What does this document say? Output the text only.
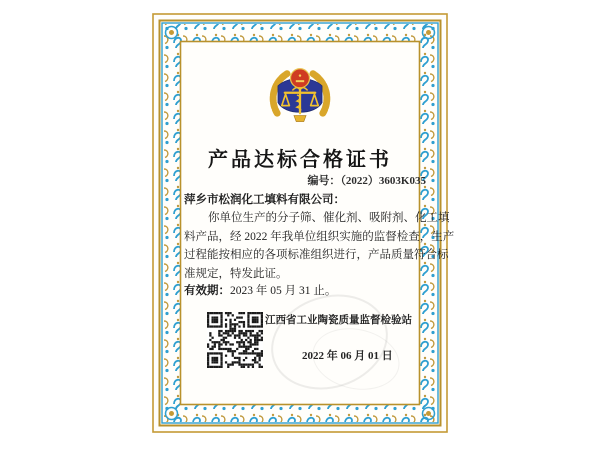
产品达标合格证书
编号：（2022）3603K035
萍乡市松润化工填料有限公司：
你单位生产的分子筛、催化剂、吸附剂、化工填
料产品，经 2022 年我单位组织实施的监督检查，生产
过程能按相应的各项标准组织进行，产品质量符合标
准规定，特发此证。
有效期：2023 年 05 月 31 止。
江西省工业陶瓷质量监督检验站
2022 年 06 月 01 日
